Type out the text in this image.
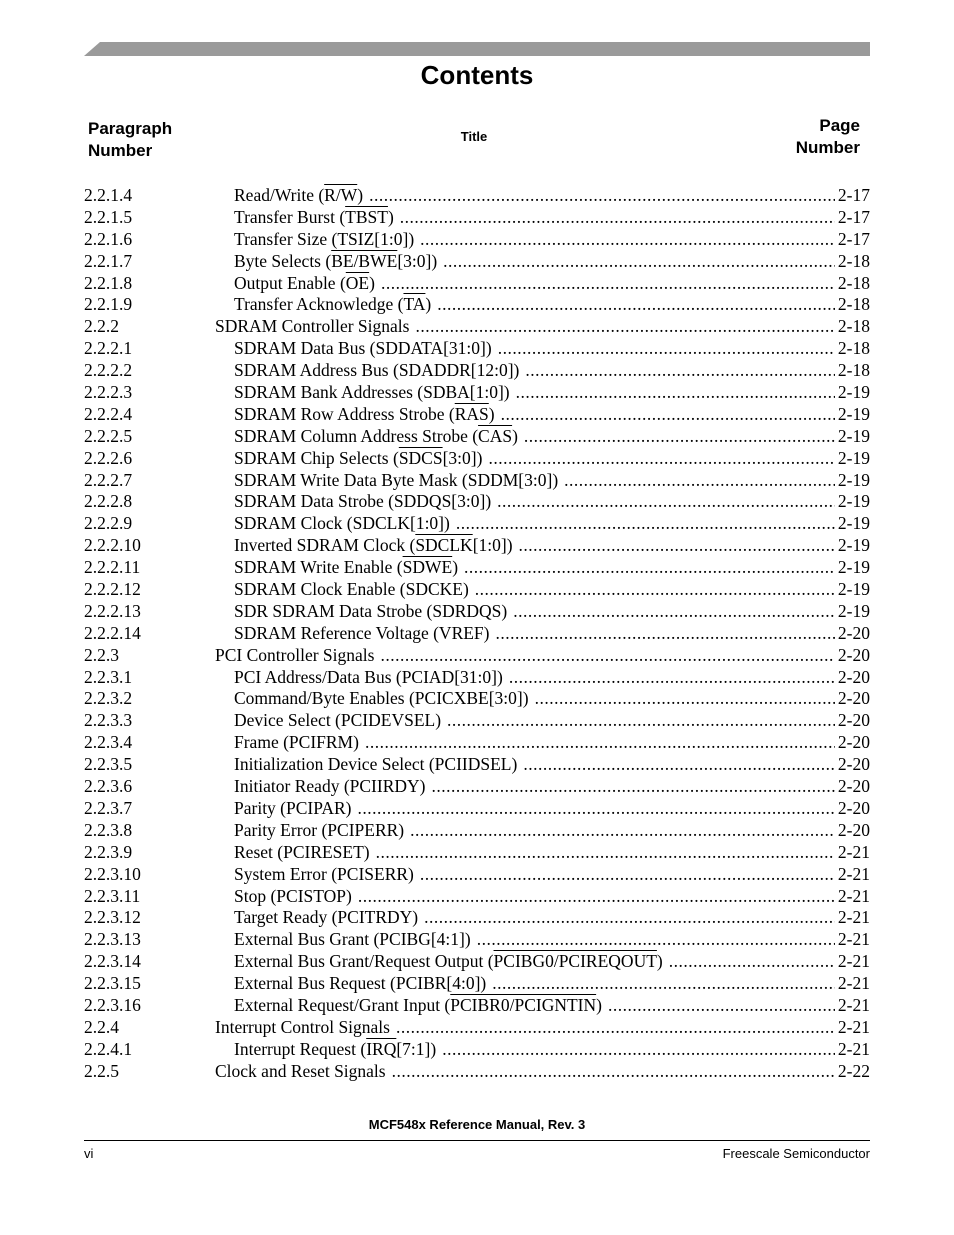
Contents
Paragraph
Number
Title
Page
Number
2.2.1.4	Read/Write (R/W) .....	2-17
2.2.1.5	Transfer Burst (TBST) .....	2-17
2.2.1.6	Transfer Size (TSIZ[1:0]) .....	2-17
2.2.1.7	Byte Selects (BE/BWE[3:0]) .....	2-18
2.2.1.8	Output Enable $(\overline{OE})$ .....	2-18
2.2.1.9	Transfer Acknowledge $(\overline{TA})$ .....	2-18
2.2.2	SDRAM Controller Signals .....	2-18
2.2.2.1	SDRAM Data Bus (SDDATA[31:0]) .....	2-18
2.2.2.2	SDRAM Address Bus (SDADDR[12:0]) .....	2-18
2.2.2.3	SDRAM Bank Addresses (SDBA[1:0]) .....	2-19
2.2.2.4	SDRAM Row Address Strobe $(\overline{RAS})$ .....	2-19
2.2.2.5	SDRAM Column Address Strobe $(\overline{CAS})$ .....	2-19
2.2.2.6	SDRAM Chip Selects (SDCS[3:0]) .....	2-19
2.2.2.7	SDRAM Write Data Byte Mask (SDDM[3:0]) .....	2-19
2.2.2.8	SDRAM Data Strobe (SDDQS[3:0]) .....	2-19
2.2.2.9	SDRAM Clock (SDCLK[1:0]) .....	2-19
2.2.2.10	Inverted SDRAM Clock (SDCLK[1:0]) .....	2-19
2.2.2.11	SDRAM Write Enable (SDWE) .....	2-19
2.2.2.12	SDRAM Clock Enable (SDCKE) .....	2-19
2.2.2.13	SDR SDRAM Data Strobe (SDRDQS) .....	2-19
2.2.2.14	SDRAM Reference Voltage (VREF) .....	2-20
2.2.3	PCI Controller Signals .....	2-20
2.2.3.1	PCI Address/Data Bus (PCIAD[31:0]) .....	2-20
2.2.3.2	Command/Byte Enables (PCICXBE[3:0]) .....	2-20
2.2.3.3	Device Select (PCIDEVSEL) .....	2-20
2.2.3.4	Frame (PCIFRM) .....	2-20
2.2.3.5	Initialization Device Select (PCIIDSEL) .....	2-20
2.2.3.6	Initiator Ready (PCIIRDY) .....	2-20
2.2.3.7	Parity (PCIPAR) .....	2-20
2.2.3.8	Parity Error (PCIPERR) .....	2-20
2.2.3.9	Reset (PCIRESET) .....	2-21
2.2.3.10	System Error (PCISERR) .....	2-21
2.2.3.11	Stop (PCISTOP) .....	2-21
2.2.3.12	Target Ready (PCITRDY) .....	2-21
2.2.3.13	External Bus Grant (PCIBG[4:1]) .....	2-21
2.2.3.14	External Bus Grant/Request Output (PCIBG0/PCIREQOUT) .....	2-21
2.2.3.15	External Bus Request (PCIBR[4:0]) .....	2-21
2.2.3.16	External Request/Grant Input (PCIBR0/PCIGNTIN) .....	2-21
2.2.4	Interrupt Control Signals .....	2-21
2.2.4.1	Interrupt Request $(\overline{IRQ}[7:1])$ .....	2-21
2.2.5	Clock and Reset Signals .....	2-22
MCF548x Reference Manual, Rev. 3
vi	Freescale Semiconductor
